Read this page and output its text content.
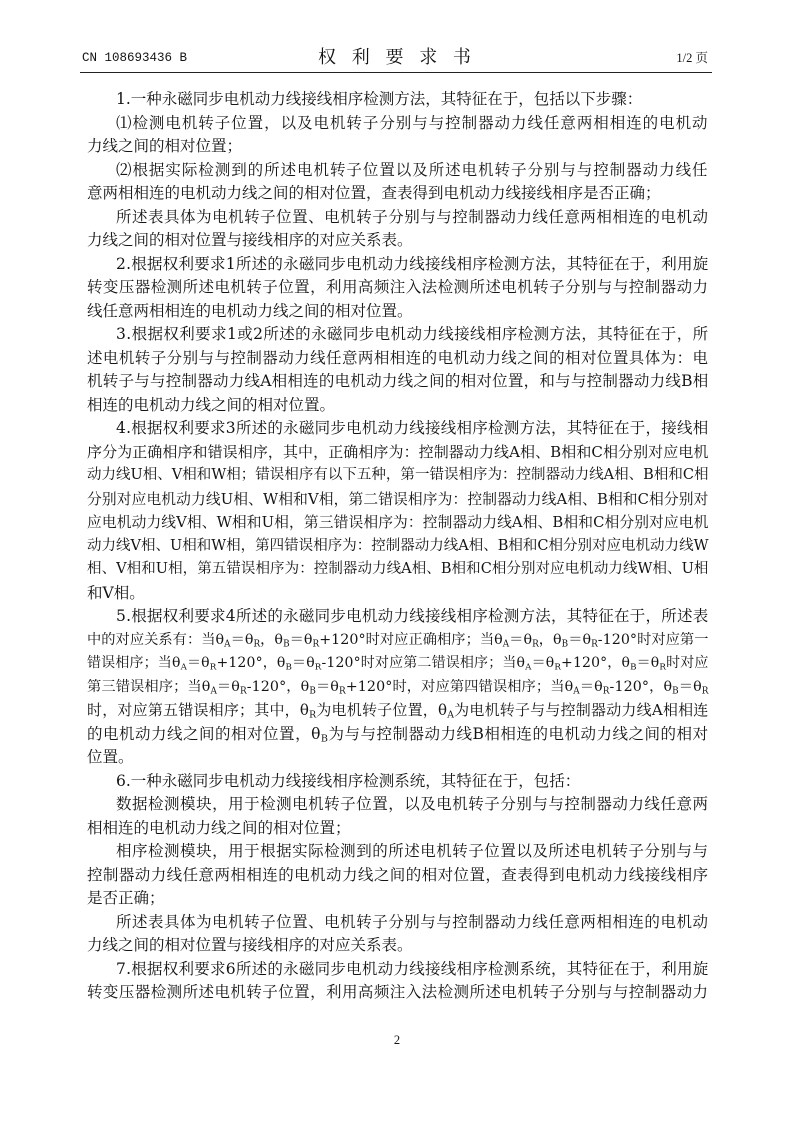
CN 108693436 B	权 利 要 求 书	1/2 页
1.一种永磁同步电机动力线接线相序检测方法，其特征在于，包括以下步骤：
⑴检测电机转子位置，以及电机转子分别与与控制器动力线任意两相相连的电机动
力线之间的相对位置；
⑵根据实际检测到的所述电机转子位置以及所述电机转子分别与与控制器动力线任
意两相相连的电机动力线之间的相对位置，查表得到电机动力线接线相序是否正确；
所述表具体为电机转子位置、电机转子分别与与控制器动力线任意两相相连的电机动
力线之间的相对位置与接线相序的对应关系表。
2.根据权利要求1所述的永磁同步电机动力线接线相序检测方法，其特征在于，利用旋
转变压器检测所述电机转子位置，利用高频注入法检测所述电机转子分别与与控制器动力
线任意两相相连的电机动力线之间的相对位置。
3.根据权利要求1或2所述的永磁同步电机动力线接线相序检测方法，其特征在于，所
述电机转子分别与与控制器动力线任意两相相连的电机动力线之间的相对位置具体为：电
机转子与与控制器动力线A相相连的电机动力线之间的相对位置，和与与控制器动力线B相
相连的电机动力线之间的相对位置。
4.根据权利要求3所述的永磁同步电机动力线接线相序检测方法，其特征在于，接线相
序分为正确相序和错误相序，其中，正确相序为：控制器动力线A相、B相和C相分别对应电机
动力线U相、V相和W相；错误相序有以下五种，第一错误相序为：控制器动力线A相、B相和C相
分别对应电机动力线U相、W相和V相，第二错误相序为：控制器动力线A相、B相和C相分别对
应电机动力线V相、W相和U相，第三错误相序为：控制器动力线A相、B相和C相分别对应电机
动力线V相、U相和W相，第四错误相序为：控制器动力线A相、B相和C相分别对应电机动力线W
相、V相和U相，第五错误相序为：控制器动力线A相、B相和C相分别对应电机动力线W相、U相
和V相。
5.根据权利要求4所述的永磁同步电机动力线接线相序检测方法，其特征在于，所述表
中的对应关系有：当$\theta_A=\theta_R$，$\theta_B=\theta_R+120^\circ$时对应正确相序；当$\theta_A=\theta_R$，$\theta_B=\theta_R-120^\circ$时对应第一
错误相序；当$\theta_A=\theta_R+120^\circ$，$\theta_B=\theta_R-120^\circ$时对应第二错误相序；当$\theta_A=\theta_R+120^\circ$，$\theta_B=\theta_R$时对应
第三错误相序；当$\theta_A=\theta_R-120^\circ$，$\theta_B=\theta_R+120^\circ$时，对应第四错误相序；当$\theta_A=\theta_R-120^\circ$，$\theta_B=\theta_R$
时，对应第五错误相序；其中，$\theta_R$为电机转子位置，$\theta_A$为电机转子与与控制器动力线A相相连
的电机动力线之间的相对位置，$\theta_B$为与与控制器动力线B相相连的电机动力线之间的相对
位置。
6.一种永磁同步电机动力线接线相序检测系统，其特征在于，包括：
数据检测模块，用于检测电机转子位置，以及电机转子分别与与控制器动力线任意两
相相连的电机动力线之间的相对位置；
相序检测模块，用于根据实际检测到的所述电机转子位置以及所述电机转子分别与与
控制器动力线任意两相相连的电机动力线之间的相对位置，查表得到电机动力线接线相序
是否正确；
所述表具体为电机转子位置、电机转子分别与与控制器动力线任意两相相连的电机动
力线之间的相对位置与接线相序的对应关系表。
7.根据权利要求6所述的永磁同步电机动力线接线相序检测系统，其特征在于，利用旋
转变压器检测所述电机转子位置，利用高频注入法检测所述电机转子分别与与控制器动力
2
